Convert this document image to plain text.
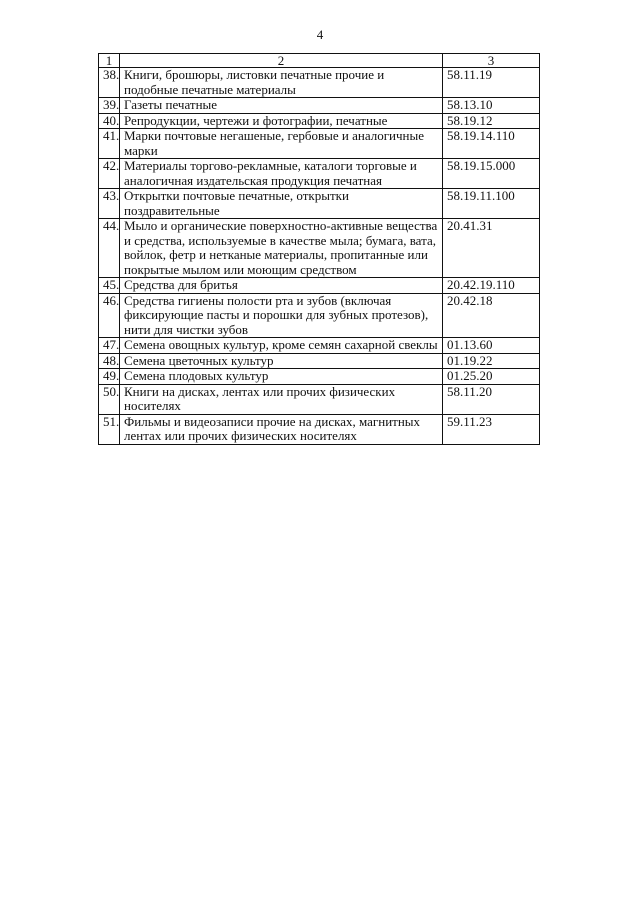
4
1	2	3
38.	Книги, брошюры, листовки печатные прочие и подобные печатные материалы	58.11.19
39.	Газеты печатные	58.13.10
40.	Репродукции, чертежи и фотографии, печатные	58.19.12
41.	Марки почтовые негашеные, гербовые и аналогичные марки	58.19.14.110
42.	Материалы торгово-рекламные, каталоги торговые и аналогичная издательская продукция печатная	58.19.15.000
43.	Открытки почтовые печатные, открытки поздравительные	58.19.11.100
44.	Мыло и органические поверхностно-активные вещества и средства, используемые в качестве мыла; бумага, вата, войлок, фетр и нетканые материалы, пропитанные или покрытые мылом или моющим средством	20.41.31
45.	Средства для бритья	20.42.19.110
46.	Средства гигиены полости рта и зубов (включая фиксирующие пасты и порошки для зубных протезов), нити для чистки зубов	20.42.18
47.	Семена овощных культур, кроме семян сахарной свеклы	01.13.60
48.	Семена цветочных культур	01.19.22
49.	Семена плодовых культур	01.25.20
50.	Книги на дисках, лентах или прочих физических носителях	58.11.20
51.	Фильмы и видеозаписи прочие на дисках, магнитных лентах или прочих физических носителях	59.11.23
